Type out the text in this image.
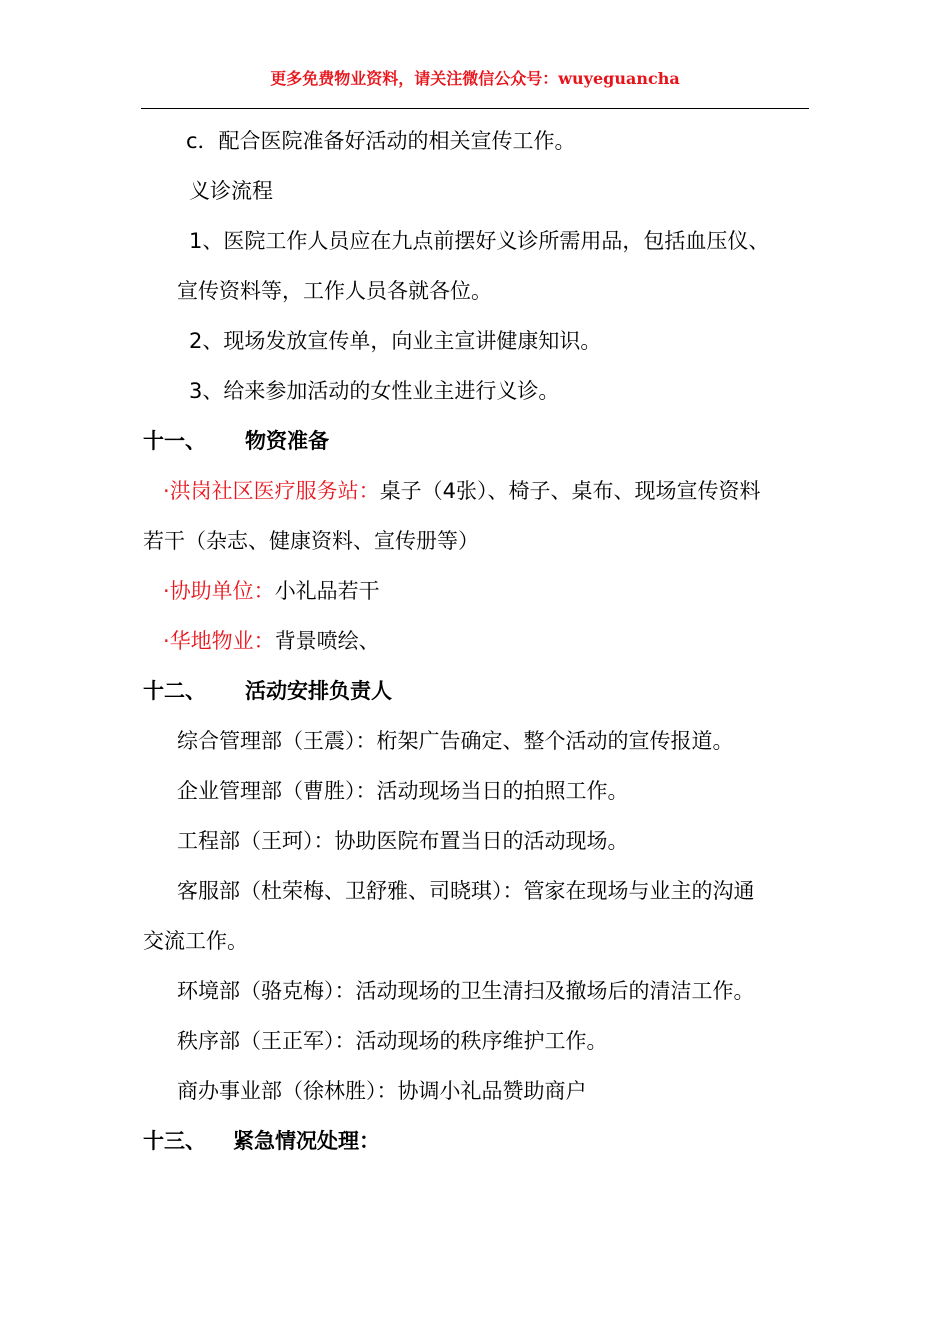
更多免费物业资料，请关注微信公众号：wuyeguancha
c．配合医院准备好活动的相关宣传工作。
义诊流程
1、医院工作人员应在九点前摆好义诊所需用品，包括血压仪、
宣传资料等，工作人员各就各位。
2、现场发放宣传单，向业主宣讲健康知识。
3、给来参加活动的女性业主进行义诊。
十一、 物资准备
·洪岗社区医疗服务站：桌子（4张）、椅子、桌布、现场宣传资料
若干（杂志、健康资料、宣传册等）
·协助单位：小礼品若干
·华地物业：背景喷绘、
十二、 活动安排负责人
综合管理部（王震）：桁架广告确定、整个活动的宣传报道。
企业管理部（曹胜）：活动现场当日的拍照工作。
工程部（王珂）：协助医院布置当日的活动现场。
客服部（杜荣梅、卫舒雅、司晓琪）：管家在现场与业主的沟通
交流工作。
环境部（骆克梅）：活动现场的卫生清扫及撤场后的清洁工作。
秩序部（王正军）：活动现场的秩序维护工作。
商办事业部（徐林胜）：协调小礼品赞助商户
十三、 紧急情况处理：
